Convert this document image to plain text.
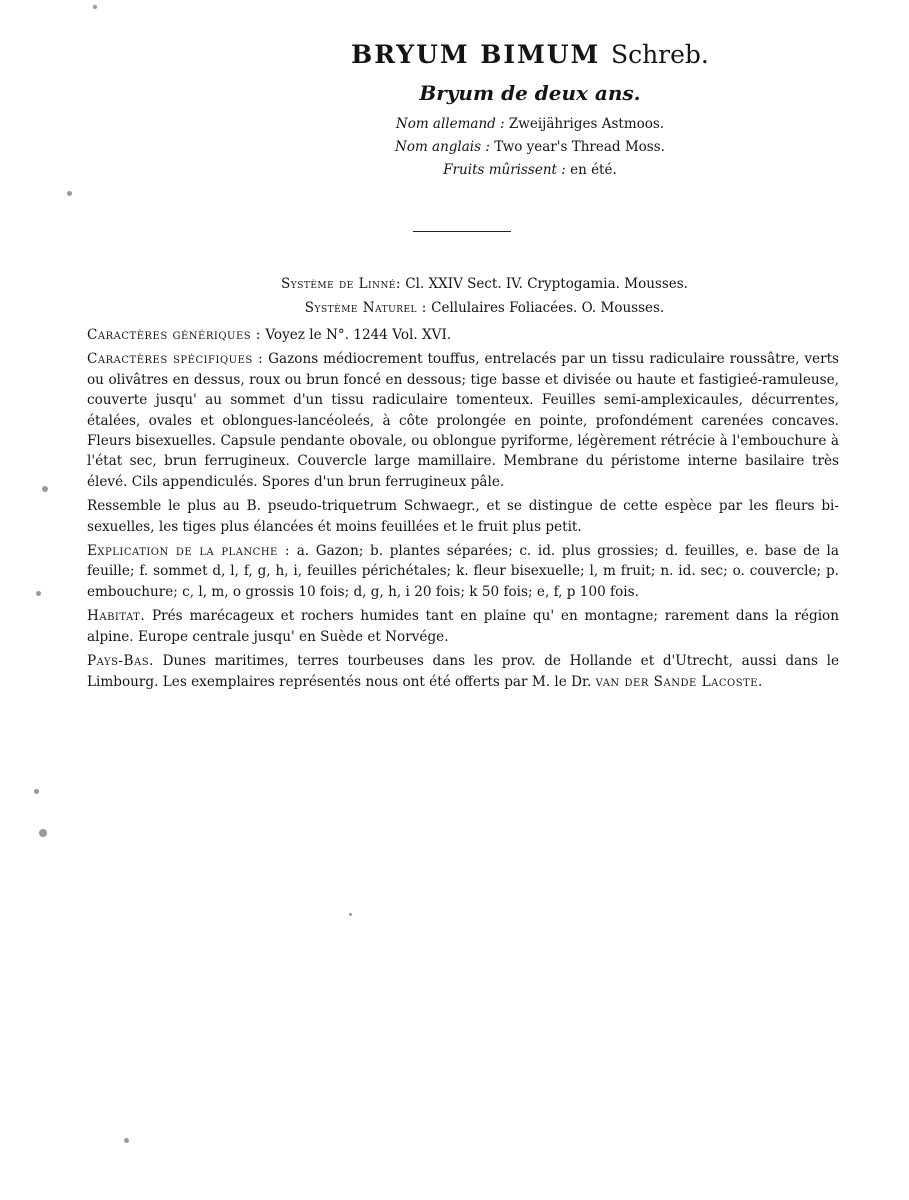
BRYUM BIMUM Schreb.
Bryum de deux ans.
Nom allemand : Zweijähriges Astmoos.
Nom anglais : Two year's Thread Moss.
Fruits mûrissent : en été.
Système de Linné: Cl. XXIV Sect. IV. Cryptogamia. Mousses.
Système Naturel : Cellulaires Foliacées. O. Mousses.

Caractères génériques : Voyez le N°. 1244 Vol. XVI.

Caractères spécifiques : Gazons médiocrement touffus, entrelacés par un tissu radiculaire roussâtre, verts ou olivâtres en dessus, roux ou brun foncé en dessous; tige basse et divisée ou haute et fastigieé-ramuleuse, couverte jusqu' au sommet d'un tissu radiculaire tomenteux. Feuilles semi-amplexicaules, décurrentes, étalées, ovales et oblongues-lancéoleés, à côte prolongée en pointe, profondément carenées concaves. Fleurs bisexuelles. Capsule pendante obovale, ou oblongue pyriforme, légèrement rétrécie à l'embouchure à l'état sec, brun ferrugineux. Couvercle large mamillaire. Membrane du péristome interne basilaire très élevé. Cils appendiculés. Spores d'un brun ferrugineux pâle.

Ressemble le plus au B. pseudo-triquetrum Schwaegr., et se distingue de cette espèce par les fleurs bi-sexuelles, les tiges plus élancées ét moins feuillées et le fruit plus petit.

Explication de la planche : a. Gazon; b. plantes séparées; c. id. plus grossies; d. feuilles, e. base de la feuille; f. sommet d, l, f, g, h, i, feuilles périchétales; k. fleur bisexuelle; l, m fruit; n. id. sec; o. couvercle; p. embouchure; c, l, m, o grossis 10 fois; d, g, h, i 20 fois; k 50 fois; e, f, p 100 fois.

Habitat. Prés marécageux et rochers humides tant en plaine qu' en montagne; rarement dans la région alpine. Europe centrale jusqu' en Suède et Norvége.

Pays-Bas. Dunes maritimes, terres tourbeuses dans les prov. de Hollande et d'Utrecht, aussi dans le Limbourg. Les exemplaires représentés nous ont été offerts par M. le Dr. van der Sande Lacoste.
